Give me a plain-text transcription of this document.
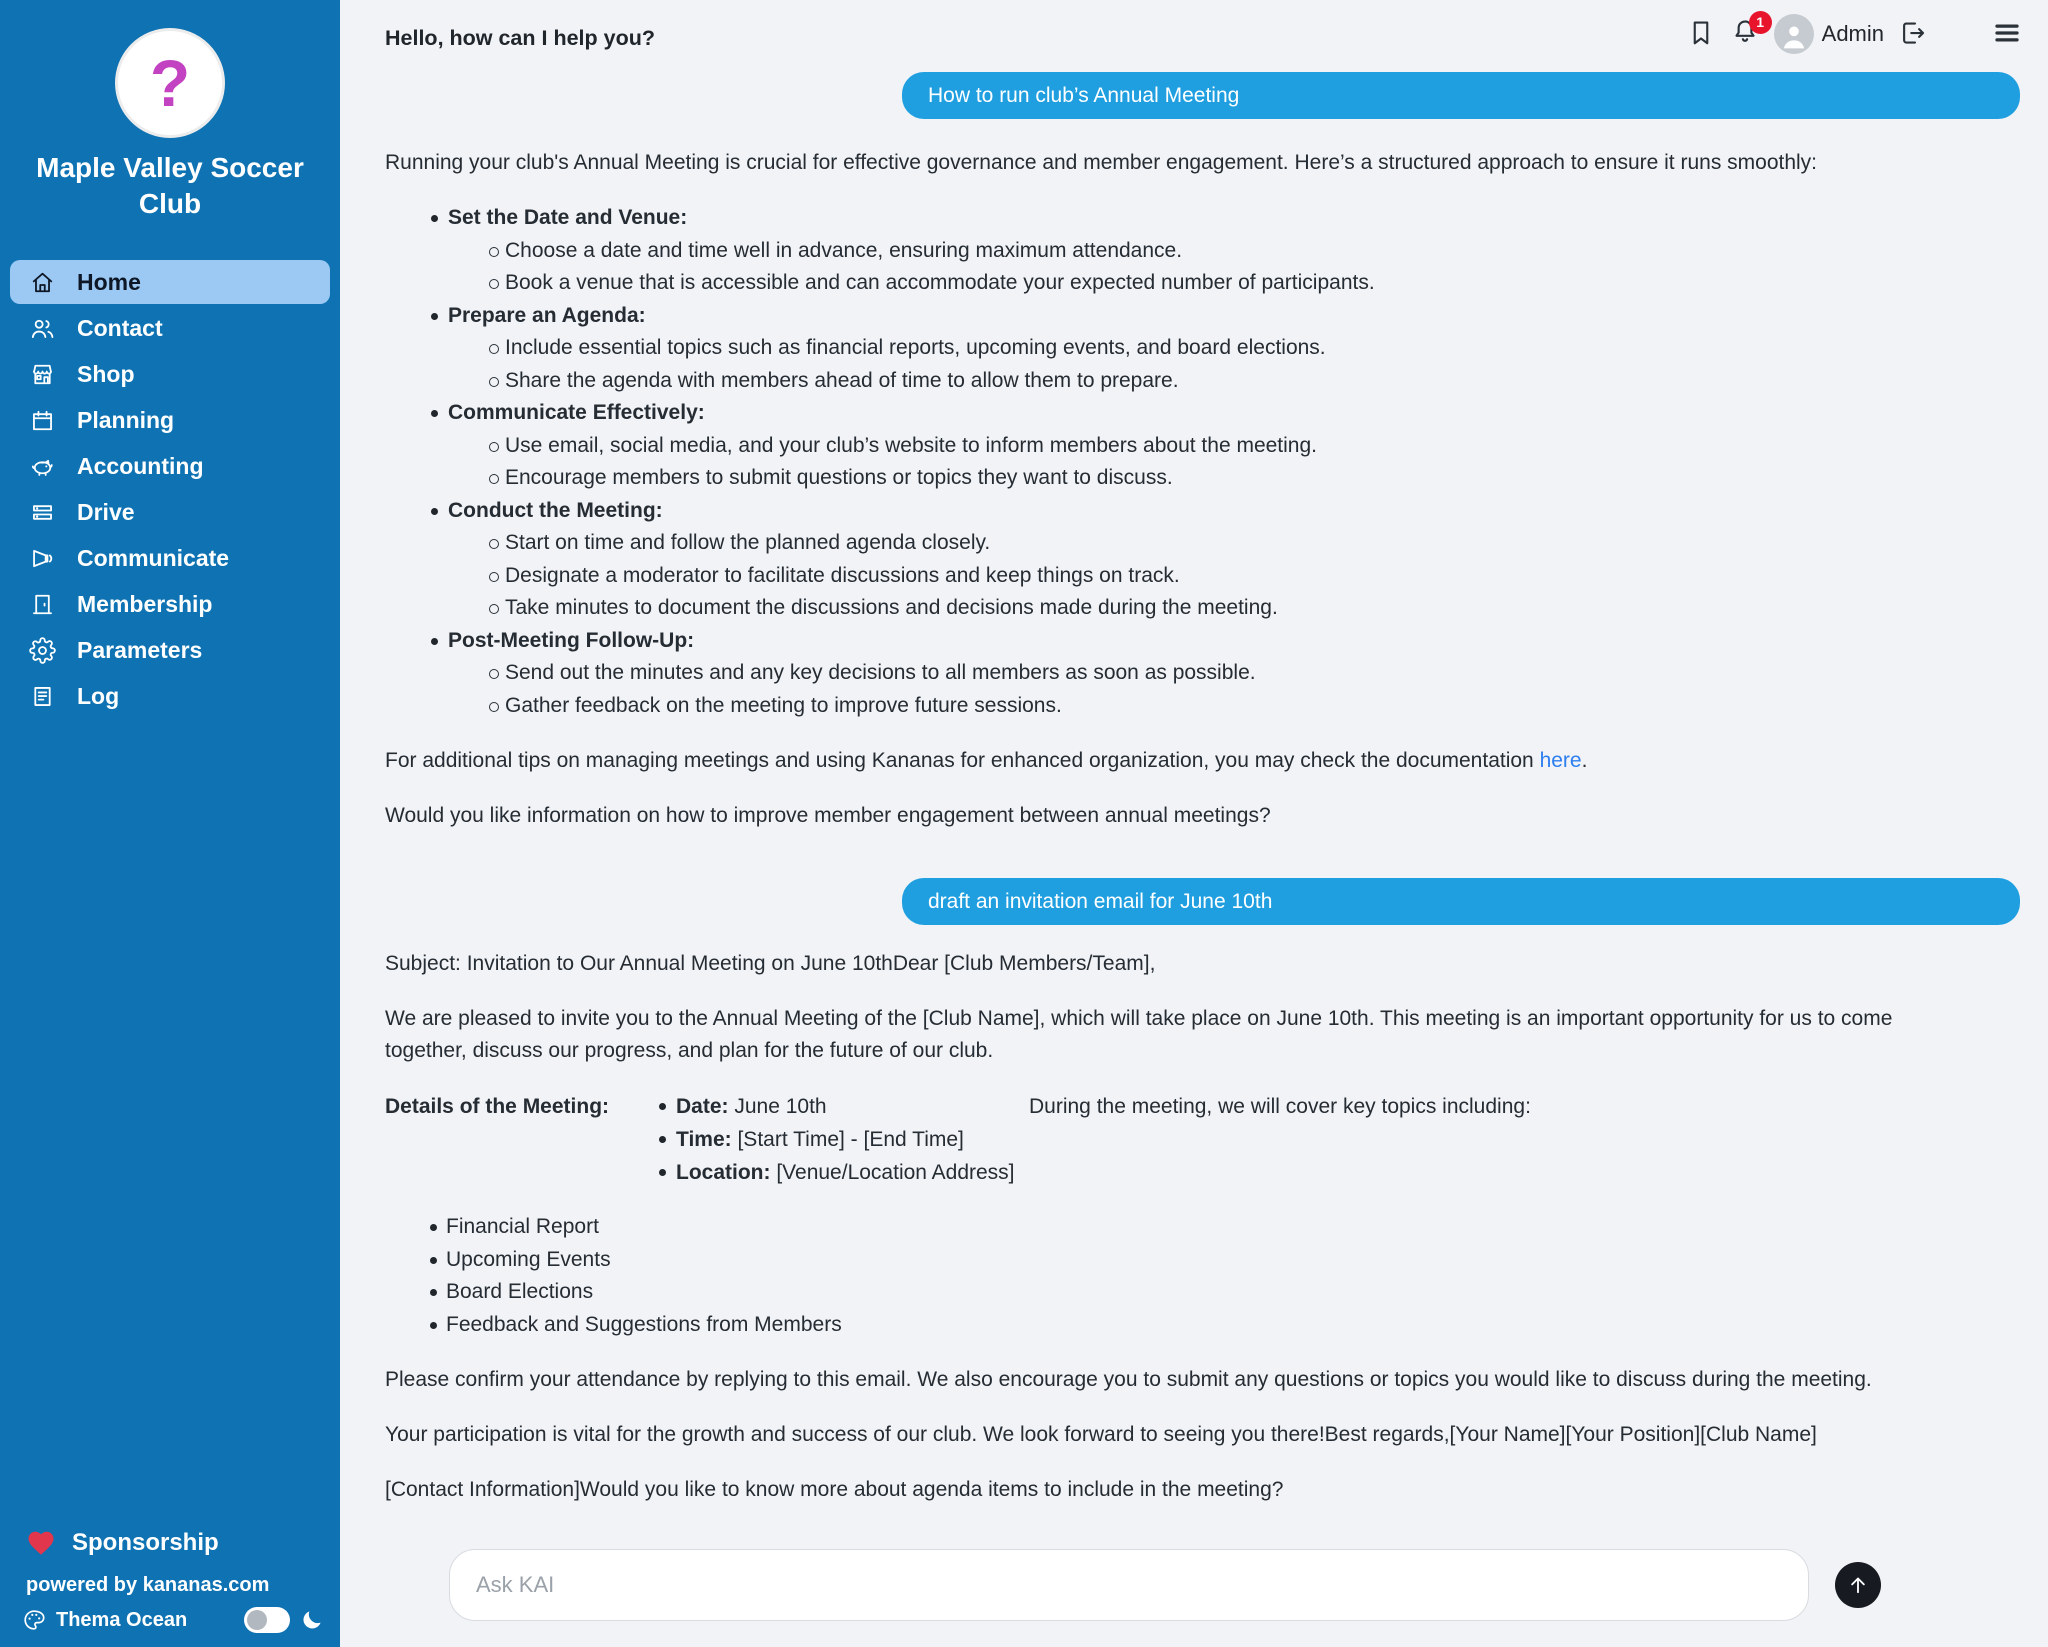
?
Maple Valley Soccer Club
Home
Contact
Shop
Planning
Accounting
Drive
Communicate
Membership
Parameters
Log
Sponsorship
powered by kananas.com
Thema Ocean
Hello, how can I help you?
1	Admin
How to run club’s Annual Meeting

Running your club's Annual Meeting is crucial for effective governance and member engagement. Here’s a structured approach to ensure it runs smoothly:

Set the Date and Venue:
Choose a date and time well in advance, ensuring maximum attendance.
Book a venue that is accessible and can accommodate your expected number of participants.
Prepare an Agenda:
Include essential topics such as financial reports, upcoming events, and board elections.
Share the agenda with members ahead of time to allow them to prepare.
Communicate Effectively:
Use email, social media, and your club’s website to inform members about the meeting.
Encourage members to submit questions or topics they want to discuss.
Conduct the Meeting:
Start on time and follow the planned agenda closely.
Designate a moderator to facilitate discussions and keep things on track.
Take minutes to document the discussions and decisions made during the meeting.
Post-Meeting Follow-Up:
Send out the minutes and any key decisions to all members as soon as possible.
Gather feedback on the meeting to improve future sessions.

For additional tips on managing meetings and using Kananas for enhanced organization, you may check the documentation here.

Would you like information on how to improve member engagement between annual meetings?

draft an invitation email for June 10th

Subject: Invitation to Our Annual Meeting on June 10thDear [Club Members/Team],

We are pleased to invite you to the Annual Meeting of the [Club Name], which will take place on June 10th. This meeting is an important opportunity for us to come together, discuss our progress, and plan for the future of our club.

Details of the Meeting:	Date: June 10th
Time: [Start Time] - [End Time]
Location: [Venue/Location Address]
During the meeting, we will cover key topics including:
Financial Report
Upcoming Events
Board Elections
Feedback and Suggestions from Members

Please confirm your attendance by replying to this email. We also encourage you to submit any questions or topics you would like to discuss during the meeting.

Your participation is vital for the growth and success of our club. We look forward to seeing you there!Best regards,[Your Name][Your Position][Club Name]

[Contact Information]Would you like to know more about agenda items to include in the meeting?

Ask KAI
